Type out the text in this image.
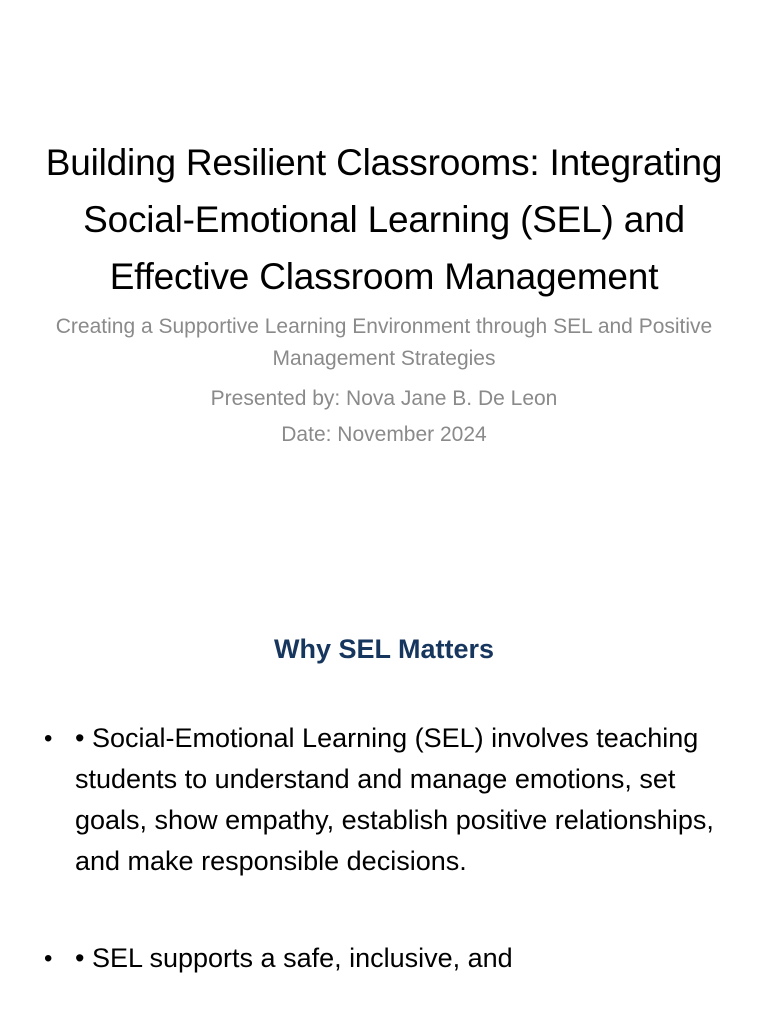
Building Resilient Classrooms: Integrating Social-Emotional Learning (SEL) and Effective Classroom Management

Creating a Supportive Learning Environment through SEL and Positive Management Strategies

Presented by: Nova Jane B. De Leon

Date: November 2024

Why SEL Matters
• • Social-Emotional Learning (SEL) involves teaching students to understand and manage emotions, set goals, show empathy, establish positive relationships, and make responsible decisions.
• • SEL supports a safe, inclusive, and
